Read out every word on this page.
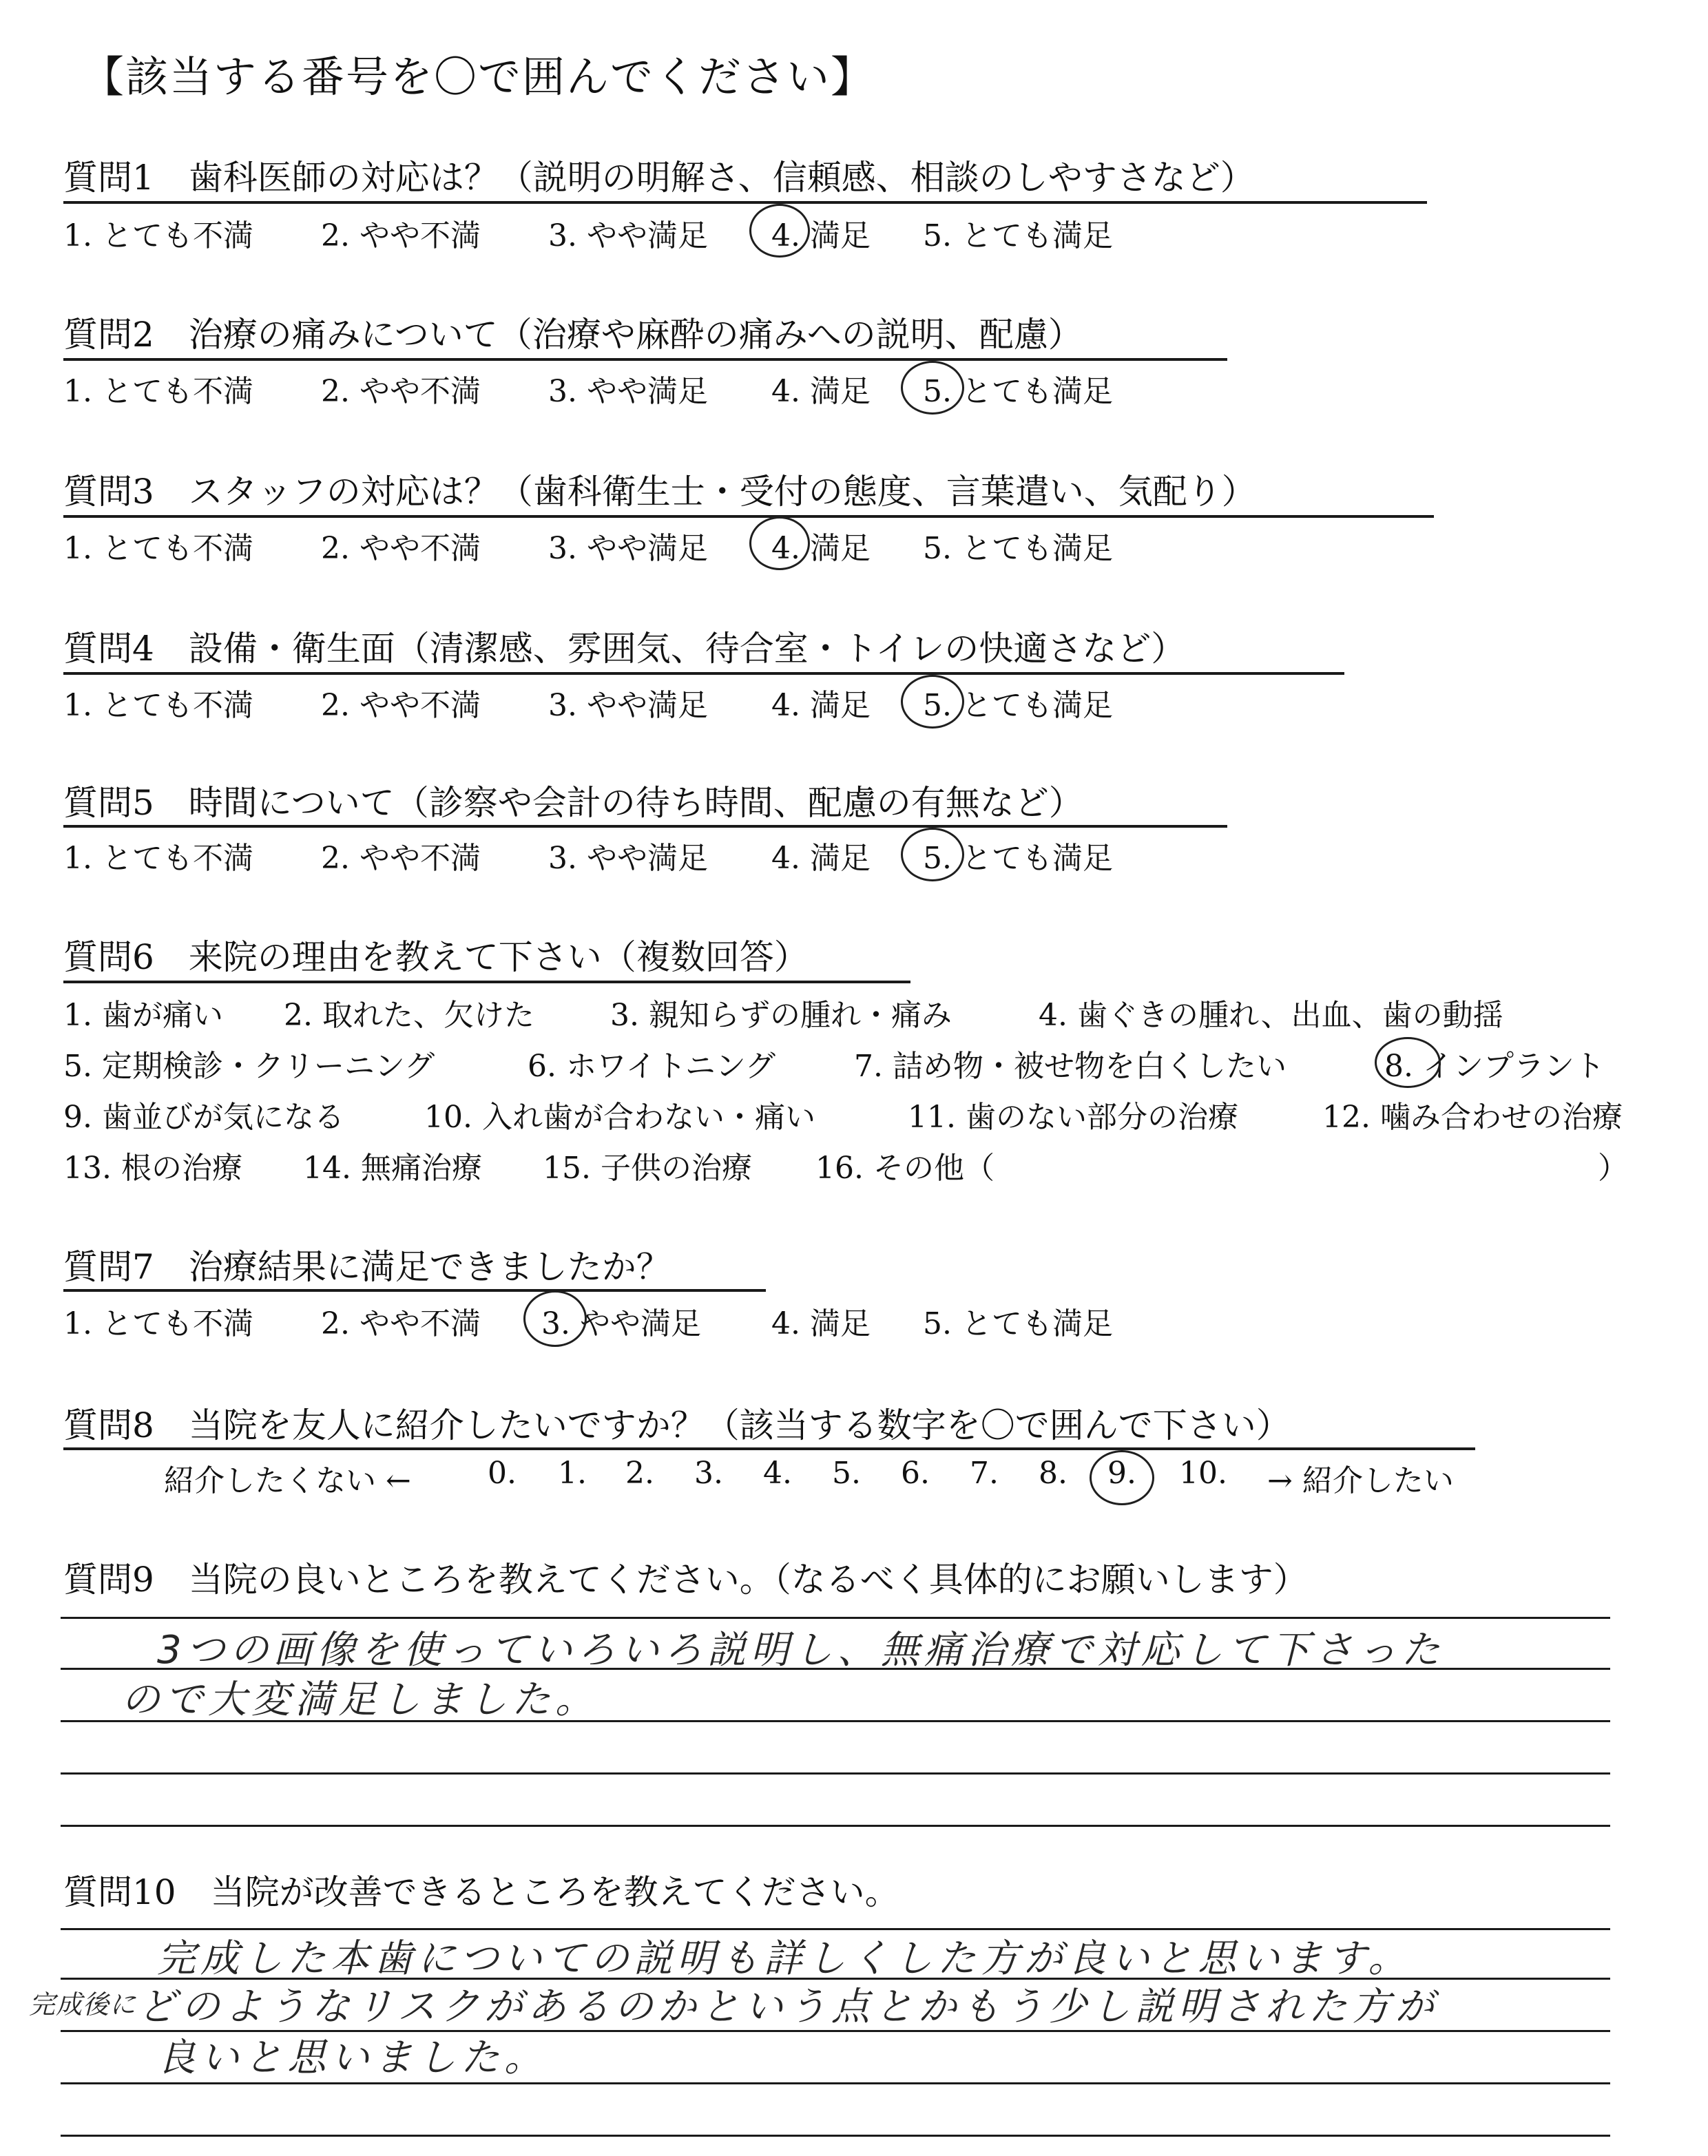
【該当する番号を〇で囲んでください】
質問1　歯科医師の対応は？（説明の明解さ、信頼感、相談のしやすさなど）
1. とても不満 2. やや不満 3. やや満足 4. 満足 5. とても満足
質問2　治療の痛みについて（治療や麻酔の痛みへの説明、配慮）
1. とても不満 2. やや不満 3. やや満足 4. 満足 5. とても満足
質問3　スタッフの対応は？（歯科衛生士・受付の態度、言葉遣い、気配り）
1. とても不満 2. やや不満 3. やや満足 4. 満足 5. とても満足
質問4　設備・衛生面（清潔感、雰囲気、待合室・トイレの快適さなど）
1. とても不満 2. やや不満 3. やや満足 4. 満足 5. とても満足
質問5　時間について（診察や会計の待ち時間、配慮の有無など）
1. とても不満 2. やや不満 3. やや満足 4. 満足 5. とても満足
質問6　来院の理由を教えて下さい（複数回答）
1. 歯が痛い 2. 取れた、欠けた	3. 親知らずの腫れ・痛み	4. 歯ぐきの腫れ、出血、歯の動揺
5. 定期検診・クリーニング	6. ホワイトニング	7. 詰め物・被せ物を白くしたい	8. インプラント
9. 歯並びが気になる	10. 入れ歯が合わない・痛い	11. 歯のない部分の治療	12. 噛み合わせの治療
13. 根の治療 14. 無痛治療 15. 子供の治療 16. その他（	）
質問7　治療結果に満足できましたか？
1. とても不満 2. やや不満 3. やや満足 4. 満足 5. とても満足
質問8　当院を友人に紹介したいですか？（該当する数字を〇で囲んで下さい）
紹介したくない ←	0. 1. 2. 3. 4. 5. 6. 7. 8. 9. 10. → 紹介したい
質問9　当院の良いところを教えてください。（なるべく具体的にお願いします）
3つの画像を使っていろいろ説明し、無痛治療で対応して下さった
ので大変満足しました。
質問10　当院が改善できるところを教えてください。
完成した本歯についての説明も詳しくした方が良いと思います。
完成後に どのようなリスクがあるのかという点とかもう少し説明された方が
良いと思いました。
